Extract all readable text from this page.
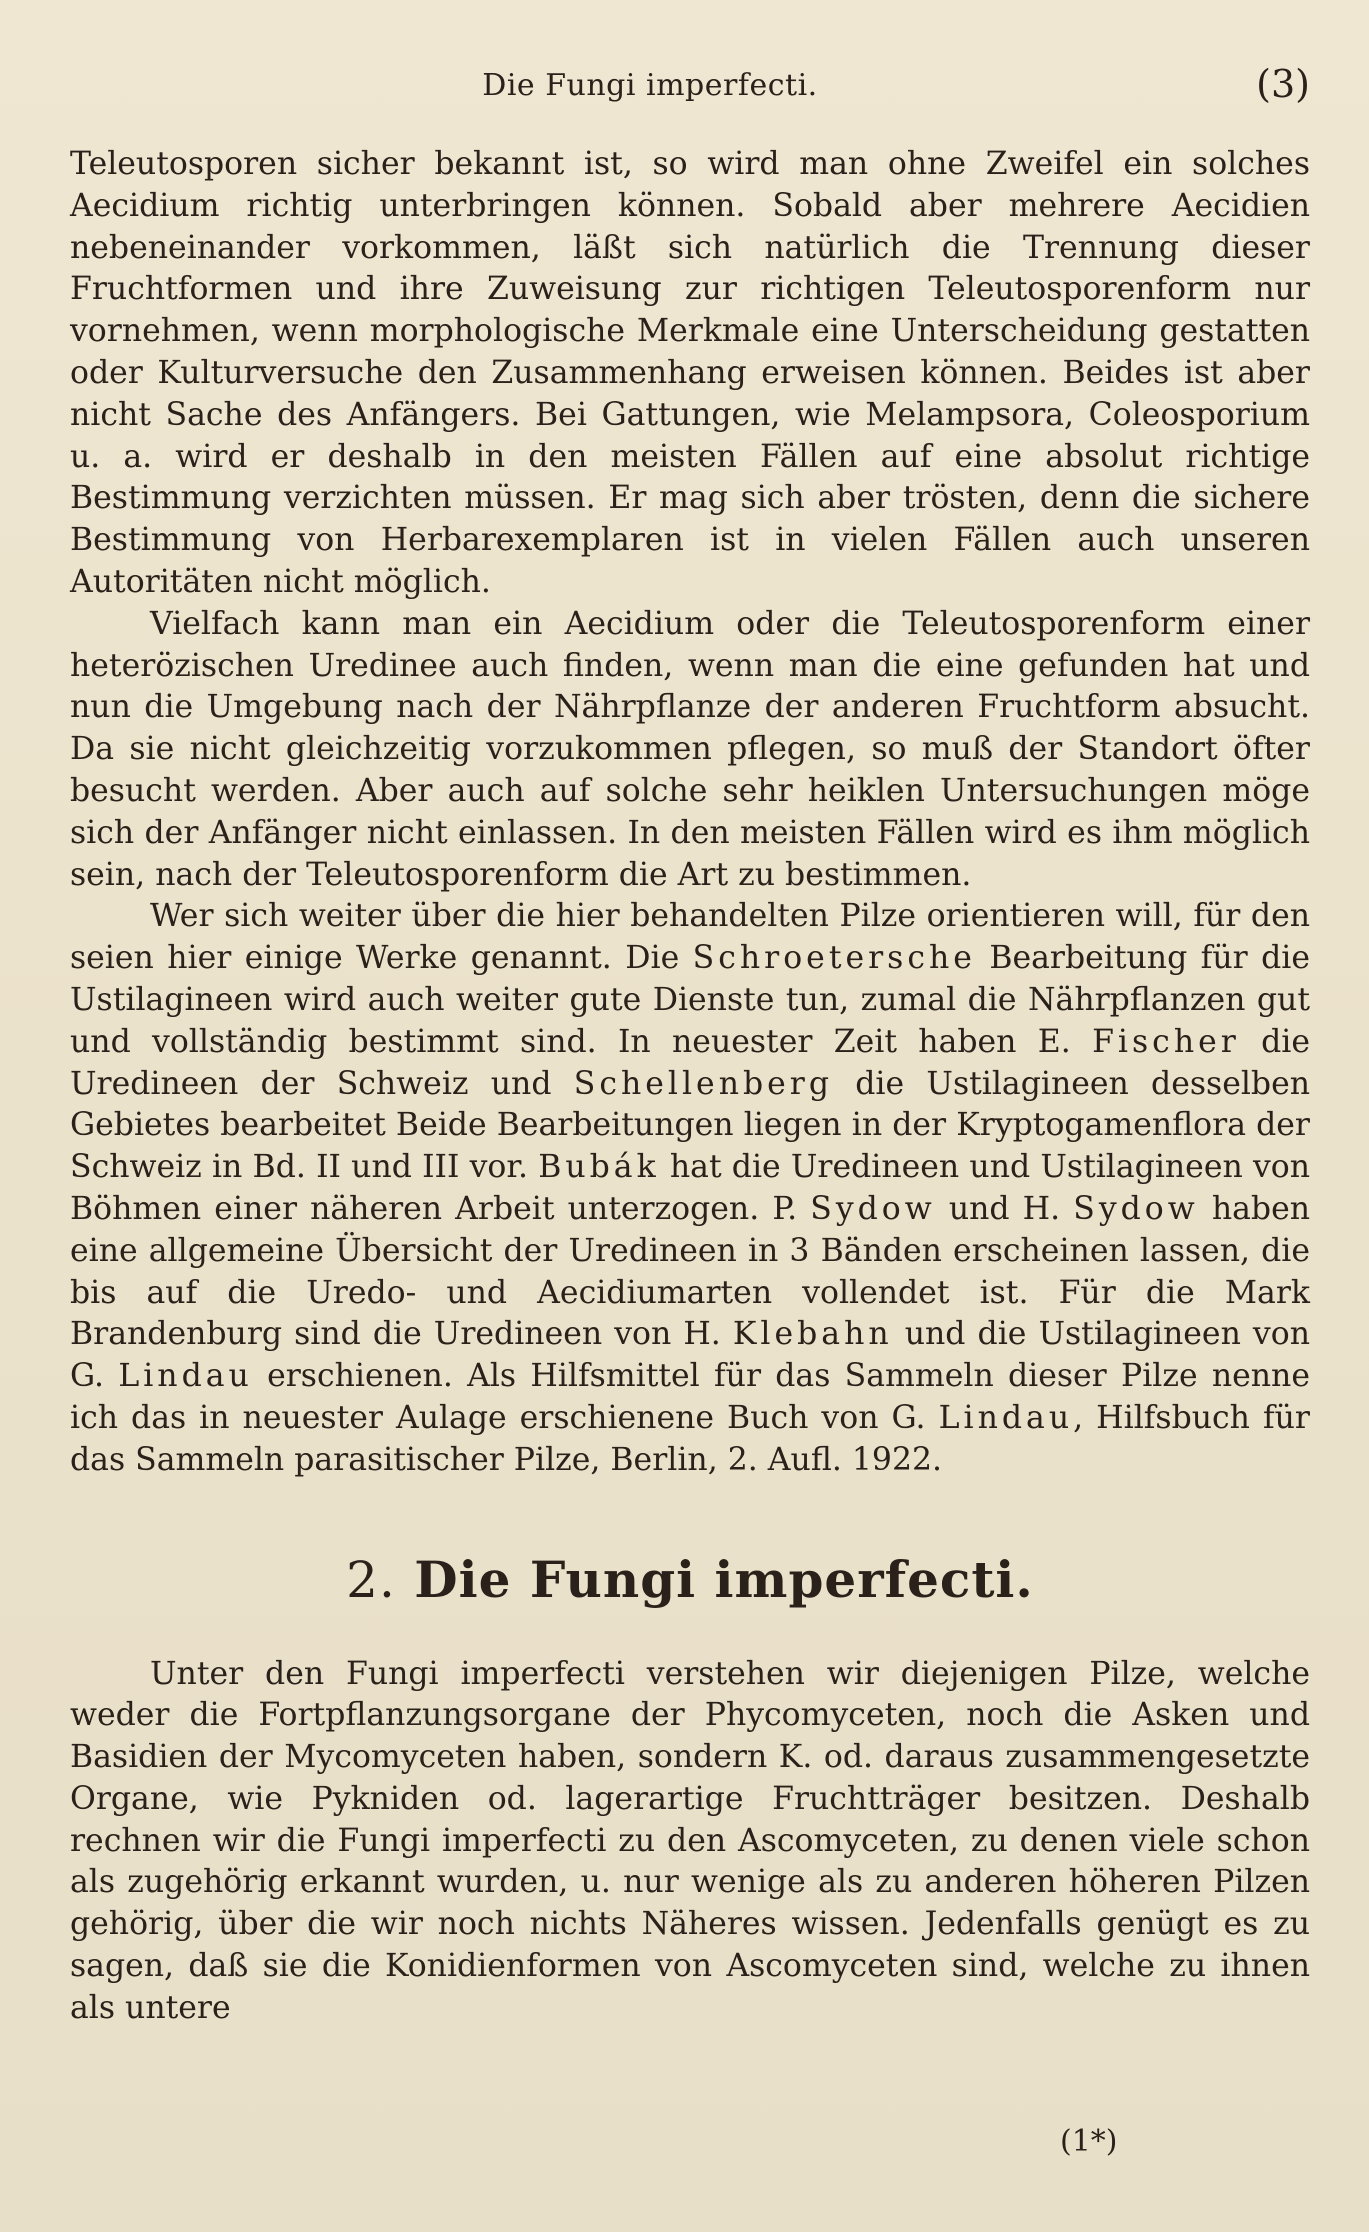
Die Fungi imperfecti.	(3)

Teleutosporen sicher bekannt ist, so wird man ohne Zweifel ein solches Aecidium richtig unterbringen können. Sobald aber mehrere Aecidien nebeneinander vorkommen, läßt sich natürlich die Trennung dieser Fruchtformen und ihre Zuweisung zur richtigen Teleutosporenform nur vornehmen, wenn morphologische Merkmale eine Unterscheidung gestatten oder Kulturversuche den Zusammenhang erweisen können. Beides ist aber nicht Sache des Anfängers. Bei Gattungen, wie Melampsora, Coleosporium u. a. wird er deshalb in den meisten Fällen auf eine absolut richtige Bestimmung verzichten müssen. Er mag sich aber trösten, denn die sichere Bestimmung von Herbarexemplaren ist in vielen Fällen auch unseren Autoritäten nicht möglich.

Vielfach kann man ein Aecidium oder die Teleutosporenform einer heterözischen Uredinee auch finden, wenn man die eine gefunden hat und nun die Umgebung nach der Nährpflanze der anderen Fruchtform absucht. Da sie nicht gleichzeitig vorzukommen pflegen, so muß der Standort öfter besucht werden. Aber auch auf solche sehr heiklen Untersuchungen möge sich der Anfänger nicht einlassen. In den meisten Fällen wird es ihm möglich sein, nach der Teleutosporenform die Art zu bestimmen.

Wer sich weiter über die hier behandelten Pilze orientieren will, für den seien hier einige Werke genannt. Die Schroetersche Bearbeitung für die Ustilagineen wird auch weiter gute Dienste tun, zumal die Nährpflanzen gut und vollständig bestimmt sind. In neuester Zeit haben E. Fischer die Uredineen der Schweiz und Schellenberg die Ustilagineen desselben Gebietes bearbeitet Beide Bearbeitungen liegen in der Kryptogamenflora der Schweiz in Bd. II und III vor. Bubák hat die Uredineen und Ustilagineen von Böhmen einer näheren Arbeit unterzogen. P. Sydow und H. Sydow haben eine allgemeine Übersicht der Uredineen in 3 Bänden erscheinen lassen, die bis auf die Uredo- und Aecidiumarten vollendet ist. Für die Mark Brandenburg sind die Uredineen von H. Klebahn und die Ustilagineen von G. Lindau erschienen. Als Hilfsmittel für das Sammeln dieser Pilze nenne ich das in neuester Aulage erschienene Buch von G. Lindau, Hilfsbuch für das Sammeln parasitischer Pilze, Berlin, 2. Aufl. 1922.

2. Die Fungi imperfecti.

Unter den Fungi imperfecti verstehen wir diejenigen Pilze, welche weder die Fortpflanzungsorgane der Phycomyceten, noch die Asken und Basidien der Mycomyceten haben, sondern K. od. daraus zusammengesetzte Organe, wie Pykniden od. lagerartige Fruchtträger besitzen. Deshalb rechnen wir die Fungi imperfecti zu den Ascomyceten, zu denen viele schon als zugehörig erkannt wurden, u. nur wenige als zu anderen höheren Pilzen gehörig, über die wir noch nichts Näheres wissen. Jedenfalls genügt es zu sagen, daß sie die Konidienformen von Ascomyceten sind, welche zu ihnen als untere

(1*)
